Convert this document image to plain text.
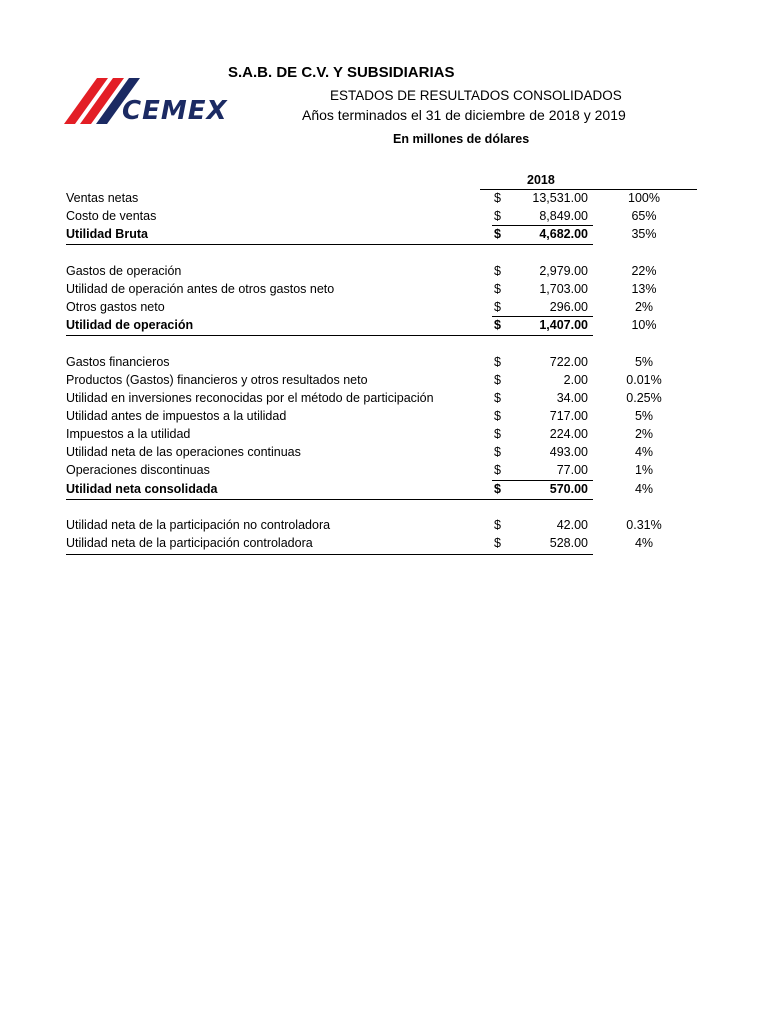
CEMEX
S.A.B. DE C.V. Y SUBSIDIARIAS
ESTADOS DE RESULTADOS CONSOLIDADOS
Años terminados el 31 de diciembre de 2018 y 2019
En millones de dólares
2018
Ventas netas	$	13,531.00	100%
Costo de ventas	$	8,849.00	65%
Utilidad Bruta	$	4,682.00	35%
Gastos de operación	$	2,979.00	22%
Utilidad de operación antes de otros gastos neto	$	1,703.00	13%
Otros gastos neto	$	296.00	2%
Utilidad de operación	$	1,407.00	10%
Gastos financieros	$	722.00	5%
Productos (Gastos) financieros y otros resultados neto	$	2.00	0.01%
Utilidad en inversiones reconocidas por el método de participación	$	34.00	0.25%
Utilidad antes de impuestos a la utilidad	$	717.00	5%
Impuestos a la utilidad	$	224.00	2%
Utilidad neta de las operaciones continuas	$	493.00	4%
Operaciones discontinuas	$	77.00	1%
Utilidad neta consolidada	$	570.00	4%
Utilidad neta de la participación no controladora	$	42.00	0.31%
Utilidad neta de la participación controladora	$	528.00	4%
